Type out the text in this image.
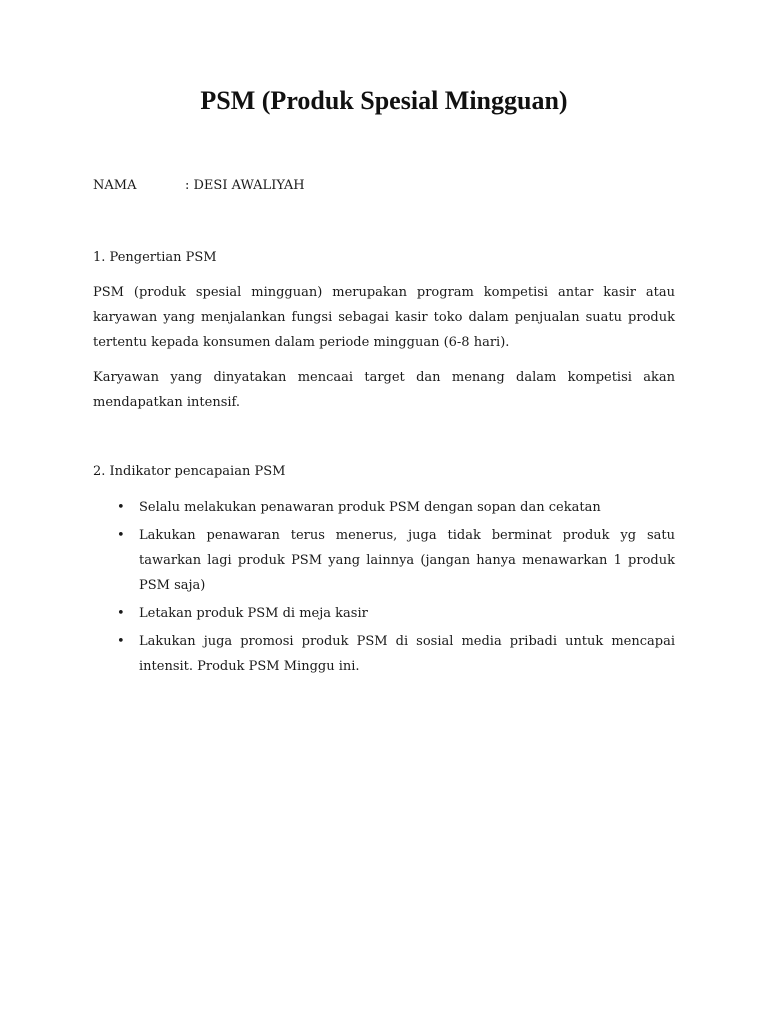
PSM (Produk Spesial Mingguan)
NAMA	: DESI AWALIYAH

1. Pengertian PSM

PSM (produk spesial mingguan) merupakan program kompetisi antar kasir atau karyawan yang menjalankan fungsi sebagai kasir toko dalam penjualan suatu produk tertentu kepada konsumen dalam periode mingguan (6-8 hari).

Karyawan yang dinyatakan mencaai target dan menang dalam kompetisi akan mendapatkan intensif.

2. Indikator pencapaian PSM

• Selalu melakukan penawaran produk PSM dengan sopan dan cekatan
• Lakukan penawaran terus menerus, juga tidak berminat produk yg satu tawarkan lagi produk PSM yang lainnya (jangan hanya menawarkan 1 produk PSM saja)
• Letakan produk PSM di meja kasir
• Lakukan juga promosi produk PSM di sosial media pribadi untuk mencapai intensit. Produk PSM Minggu ini.
